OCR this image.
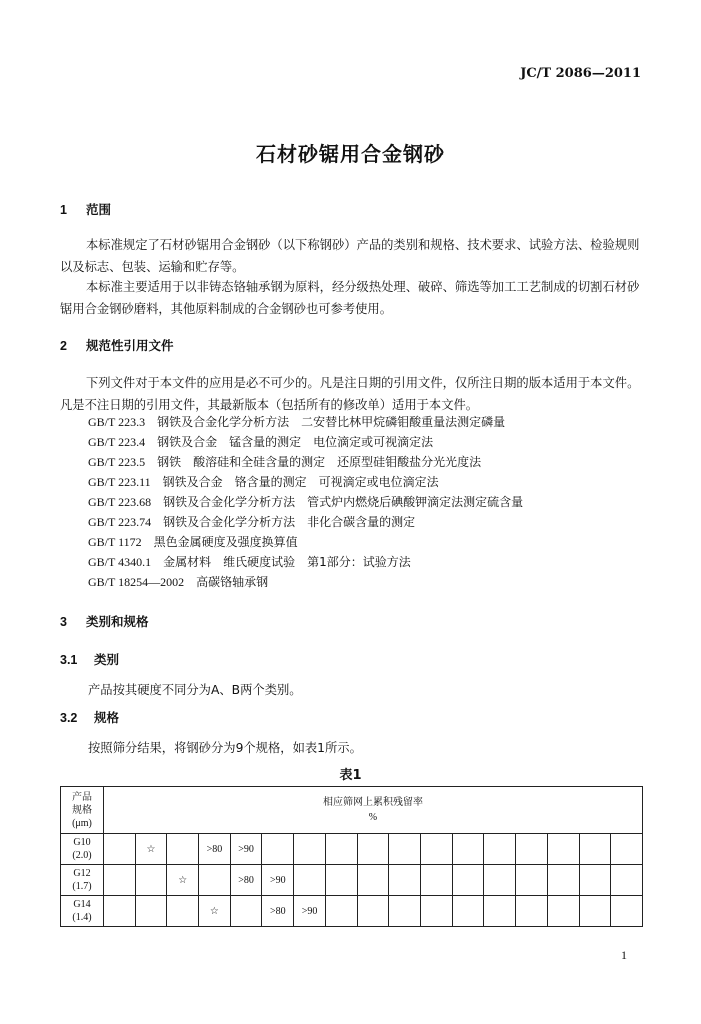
JC/T 2086—2011
石材砂锯用合金钢砂
1 范围
本标准规定了石材砂锯用合金钢砂（以下称钢砂）产品的类别和规格、技术要求、试验方法、检验规则以及标志、包装、运输和贮存等。
本标准主要适用于以非铸态铬轴承钢为原料，经分级热处理、破碎、筛选等加工工艺制成的切割石材砂锯用合金钢砂磨料，其他原料制成的合金钢砂也可参考使用。
2 规范性引用文件
下列文件对于本文件的应用是必不可少的。凡是注日期的引用文件，仅所注日期的版本适用于本文件。凡是不注日期的引用文件，其最新版本（包括所有的修改单）适用于本文件。
GB/T 223.3 钢铁及合金化学分析方法　二安替比林甲烷磷钼酸重量法测定磷量
GB/T 223.4 钢铁及合金　锰含量的测定　电位滴定或可视滴定法
GB/T 223.5 钢铁　酸溶硅和全硅含量的测定　还原型硅钼酸盐分光光度法
GB/T 223.11 钢铁及合金　铬含量的测定　可视滴定或电位滴定法
GB/T 223.68 钢铁及合金化学分析方法　管式炉内燃烧后碘酸钾滴定法测定硫含量
GB/T 223.74 钢铁及合金化学分析方法　非化合碳含量的测定
GB/T 1172 黑色金属硬度及强度换算值
GB/T 4340.1 金属材料　维氏硬度试验　第1部分：试验方法
GB/T 18254—2002 高碳铬轴承钢
3 类别和规格
3.1 类别
产品按其硬度不同分为A、B两个类别。
3.2 规格
按照筛分结果，将钢砂分为9个规格，如表1所示。
表1
产品
规格
(μm)	相应筛网上累积残留率
%																
G10
(2.0)		☆		>80	>90												
G12
(1.7)			☆		>80	>90											
G14
(1.4)				☆		>80	>90										
1
